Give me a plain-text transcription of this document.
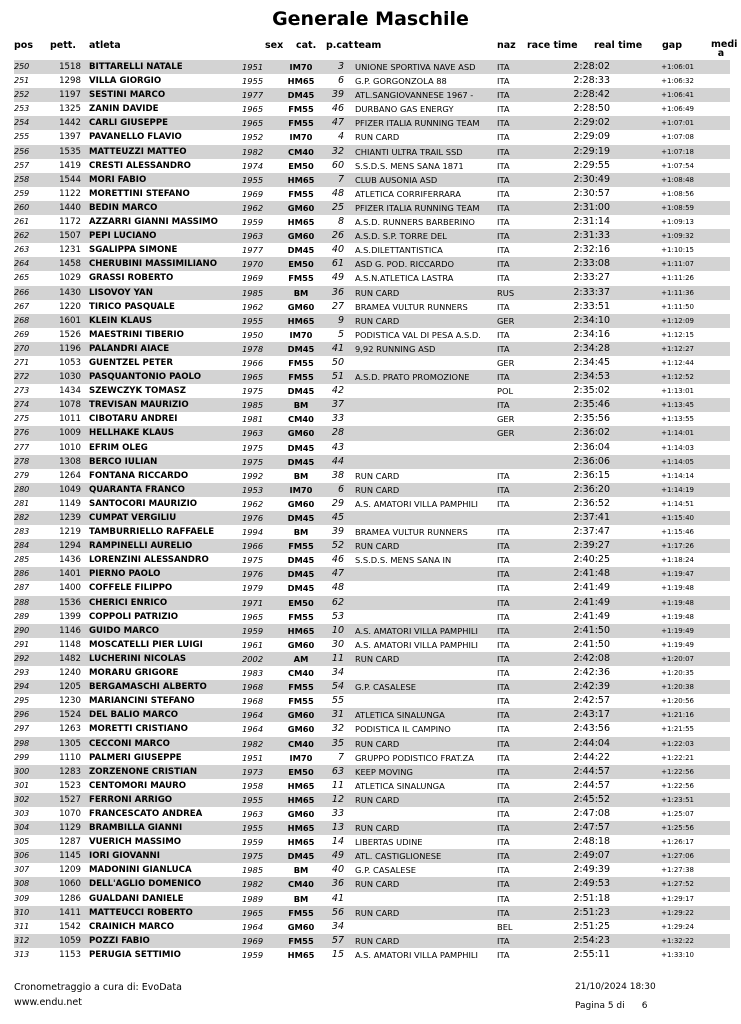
Generale Maschile
pos pett. atleta	sex cat. p.cat team	naz race time real time gap	medi a
250	1518 BITTARELLI NATALE	1951	IM70	3 UNIONE SPORTIVA NAVE ASD	ITA	2:28:02	+1:06:01
251	1298 VILLA GIORGIO	1955	HM65	6 G.P. GORGONZOLA 88	ITA	2:28:33	+1:06:32
252	1197 SESTINI MARCO	1977	DM45	39 ATL.SANGIOVANNESE 1967 -	ITA	2:28:42	+1:06:41
253	1325 ZANIN DAVIDE	1965	FM55	46 DURBANO GAS ENERGY	ITA	2:28:50	+1:06:49
254	1442 CARLI GIUSEPPE	1965	FM55	47 PFIZER ITALIA RUNNING TEAM ITA	2:29:02	+1:07:01
255	1397 PAVANELLO FLAVIO	1952	IM70	4 RUN CARD	ITA	2:29:09	+1:07:08
256	1535 MATTEUZZI MATTEO	1982	CM40	32 CHIANTI ULTRA TRAIL SSD	ITA	2:29:19	+1:07:18
257	1419 CRESTI ALESSANDRO	1974	EM50	60 S.S.D.S. MENS SANA 1871	ITA	2:29:55	+1:07:54
258	1544 MORI FABIO	1955	HM65	7 CLUB AUSONIA ASD	ITA	2:30:49	+1:08:48
259	1122 MORETTINI STEFANO	1969	FM55	48 ATLETICA CORRIFERRARA	ITA	2:30:57	+1:08:56
260	1440 BEDIN MARCO	1962	GM60	25 PFIZER ITALIA RUNNING TEAM ITA	2:31:00	+1:08:59
261	1172 AZZARRI GIANNI MASSIMO	1959	HM65	8 A.S.D. RUNNERS BARBERINO	ITA	2:31:14	+1:09:13
262	1507 PEPI LUCIANO	1963	GM60	26 A.S.D. S.P. TORRE DEL	ITA	2:31:33	+1:09:32
263	1231 SGALIPPA SIMONE	1977	DM45	40 A.S.DILETTANTISTICA	ITA	2:32:16	+1:10:15
264	1458 CHERUBINI MASSIMILIANO	1970	EM50	61 ASD G. POD. RICCARDO	ITA	2:33:08	+1:11:07
265	1029 GRASSI ROBERTO	1969	FM55	49 A.S.N.ATLETICA LASTRA	ITA	2:33:27	+1:11:26
266	1430 LISOVOY YAN	1985	BM	36 RUN CARD	RUS	2:33:37	+1:11:36
267	1220 TIRICO PASQUALE	1962	GM60	27 BRAMEA VULTUR RUNNERS	ITA	2:33:51	+1:11:50
268	1601 KLEIN KLAUS	1955	HM65	9 RUN CARD	GER	2:34:10	+1:12:09
269	1526 MAESTRINI TIBERIO	1950	IM70	5 PODISTICA VAL DI PESA A.S.D. ITA	2:34:16	+1:12:15
270	1196 PALANDRI AIACE	1978	DM45	41 9,92 RUNNING ASD	ITA	2:34:28	+1:12:27
271	1053 GUENTZEL PETER	1966	FM55	50	GER	2:34:45	+1:12:44
272	1030 PASQUANTONIO PAOLO	1965	FM55	51 A.S.D. PRATO PROMOZIONE	ITA	2:34:53	+1:12:52
273	1434 SZEWCZYK TOMASZ	1975	DM45	42	POL	2:35:02	+1:13:01
274	1078 TREVISAN MAURIZIO	1985	BM	37	ITA	2:35:46	+1:13:45
275	1011 CIBOTARU ANDREI	1981	CM40	33	GER	2:35:56	+1:13:55
276	1009 HELLHAKE KLAUS	1963	GM60	28	GER	2:36:02	+1:14:01
277	1010 EFRIM OLEG	1975	DM45	43	2:36:04	+1:14:03
278	1308 BERCO IULIAN	1975	DM45	44	2:36:06	+1:14:05
279	1264 FONTANA RICCARDO	1992	BM	38 RUN CARD	ITA	2:36:15	+1:14:14
280	1049 QUARANTA FRANCO	1953	IM70	6 RUN CARD	ITA	2:36:20	+1:14:19
281	1149 SANTOCORI MAURIZIO	1962	GM60	29 A.S. AMATORI VILLA PAMPHILI ITA	2:36:52	+1:14:51
282	1239 CUMPAT VERGILIU	1976	DM45	45	2:37:41	+1:15:40
283	1219 TAMBURRIELLO RAFFAELE	1994	BM	39 BRAMEA VULTUR RUNNERS	ITA	2:37:47	+1:15:46
284	1294 RAMPINELLI AURELIO	1966	FM55	52 RUN CARD	ITA	2:39:27	+1:17:26
285	1436 LORENZINI ALESSANDRO	1975	DM45	46 S.S.D.S. MENS SANA IN	ITA	2:40:25	+1:18:24
286	1401 PIERNO PAOLO	1976	DM45	47	ITA	2:41:48	+1:19:47
287	1400 COFFELE FILIPPO	1979	DM45	48	ITA	2:41:49	+1:19:48
288	1536 CHERICI ENRICO	1971	EM50	62	ITA	2:41:49	+1:19:48
289	1399 COPPOLI PATRIZIO	1965	FM55	53	ITA	2:41:49	+1:19:48
290	1146 GUIDO MARCO	1959	HM65	10 A.S. AMATORI VILLA PAMPHILI ITA	2:41:50	+1:19:49
291	1148 MOSCATELLI PIER LUIGI	1961	GM60	30 A.S. AMATORI VILLA PAMPHILI ITA	2:41:50	+1:19:49
292	1482 LUCHERINI NICOLAS	2002	AM	11 RUN CARD	ITA	2:42:08	+1:20:07
293	1240 MORARU GRIGORE	1983	CM40	34	ITA	2:42:36	+1:20:35
294	1205 BERGAMASCHI ALBERTO	1968	FM55	54 G.P. CASALESE	ITA	2:42:39	+1:20:38
295	1230 MARIANCINI STEFANO	1968	FM55	55	ITA	2:42:57	+1:20:56
296	1524 DEL BALIO MARCO	1964	GM60	31 ATLETICA SINALUNGA	ITA	2:43:17	+1:21:16
297	1263 MORETTI CRISTIANO	1964	GM60	32 PODISTICA IL CAMPINO	ITA	2:43:56	+1:21:55
298	1305 CECCONI MARCO	1982	CM40	35 RUN CARD	ITA	2:44:04	+1:22:03
299	1110 PALMERI GIUSEPPE	1951	IM70	7 GRUPPO PODISTICO FRAT.ZA	ITA	2:44:22	+1:22:21
300	1283 ZORZENONE CRISTIAN	1973	EM50	63 KEEP MOVING	ITA	2:44:57	+1:22:56
301	1523 CENTOMORI MAURO	1958	HM65	11 ATLETICA SINALUNGA	ITA	2:44:57	+1:22:56
302	1527 FERRONI ARRIGO	1955	HM65	12 RUN CARD	ITA	2:45:52	+1:23:51
303	1070 FRANCESCATO ANDREA	1963	GM60	33	ITA	2:47:08	+1:25:07
304	1129 BRAMBILLA GIANNI	1955	HM65	13 RUN CARD	ITA	2:47:57	+1:25:56
305	1287 VUERICH MASSIMO	1959	HM65	14 LIBERTAS UDINE	ITA	2:48:18	+1:26:17
306	1145 IORI GIOVANNI	1975	DM45	49 ATL. CASTIGLIONESE	ITA	2:49:07	+1:27:06
307	1209 MADONINI GIANLUCA	1985	BM	40 G.P. CASALESE	ITA	2:49:39	+1:27:38
308	1060 DELL'AGLIO DOMENICO	1982	CM40	36 RUN CARD	ITA	2:49:53	+1:27:52
309	1286 GUALDANI DANIELE	1989	BM	41	ITA	2:51:18	+1:29:17
310	1411 MATTEUCCI ROBERTO	1965	FM55	56 RUN CARD	ITA	2:51:23	+1:29:22
311	1542 CRAINICH MARCO	1964	GM60	34	BEL	2:51:25	+1:29:24
312	1059 POZZI FABIO	1969	FM55	57 RUN CARD	ITA	2:54:23	+1:32:22
313	1153 PERUGIA SETTIMIO	1959	HM65	15 A.S. AMATORI VILLA PAMPHILI ITA	2:55:11	+1:33:10
Cronometraggio a cura di: EvoData
www.endu.net
21/10/2024 18:30
Pagina 5 di      6
